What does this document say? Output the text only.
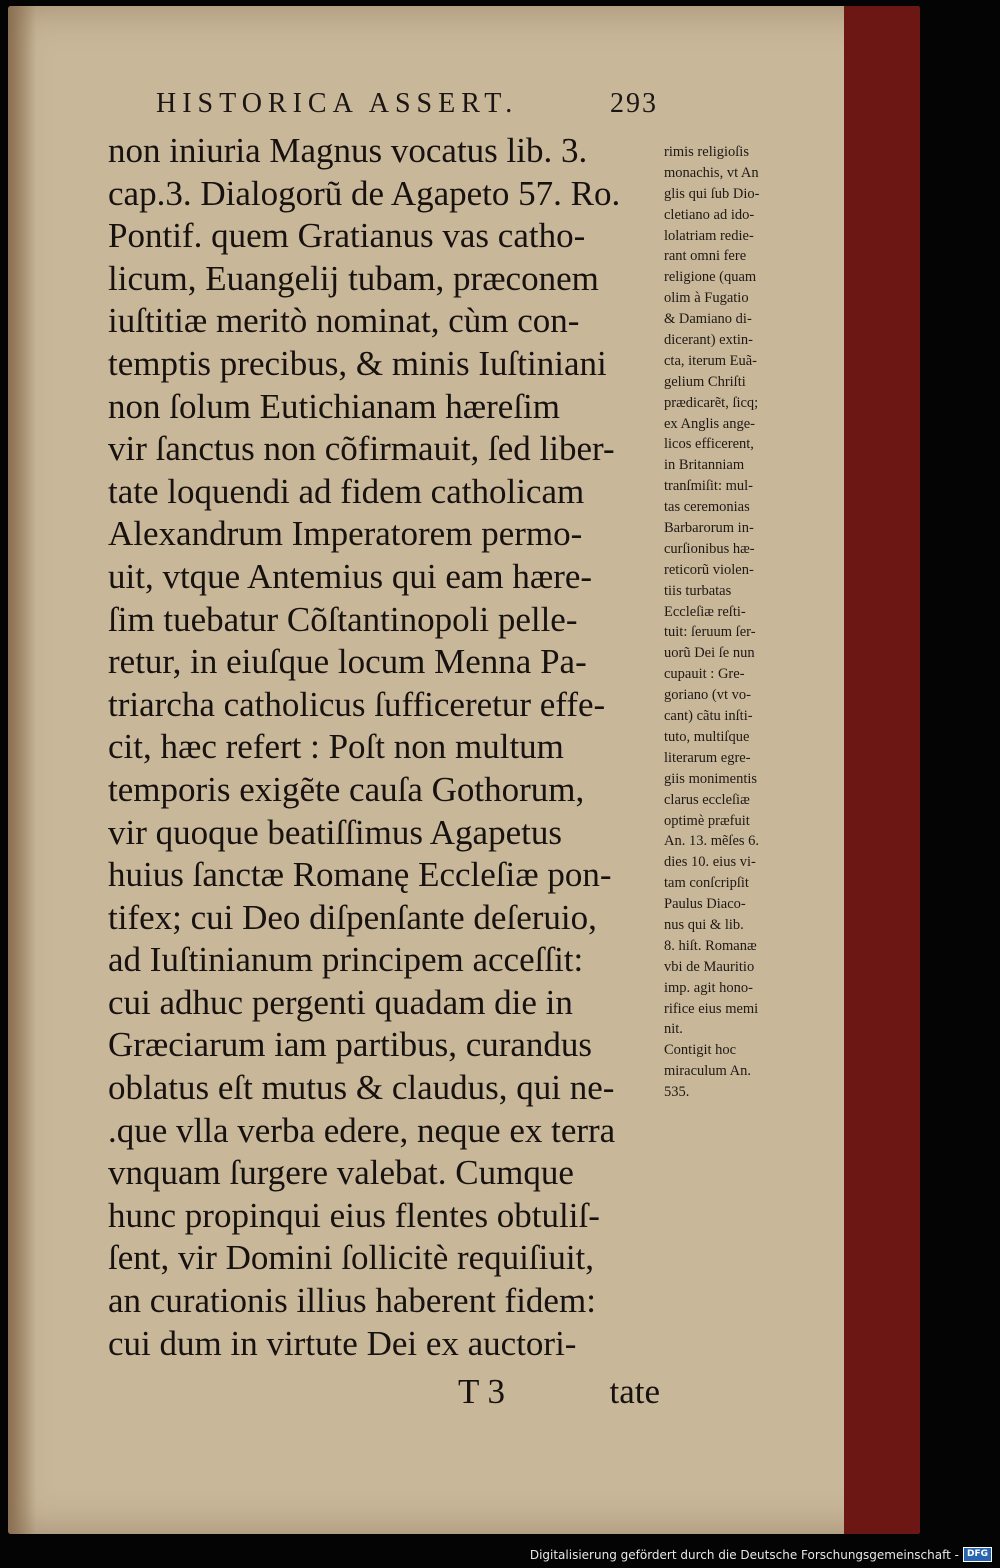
HISTORICA ASSERT.	293
non iniuria Magnus vocatus lib. 3.
cap.3. Dialogorũ de Agapeto 57. Ro.
Pontif. quem Gratianus vas catho-
licum, Euangelij tubam, præconem
iuſtitiæ meritò nominat, cùm con-
temptis precibus, & minis Iuſtiniani
non ſolum Eutichianam hæreſim
vir ſanctus non cõfirmauit, ſed liber-
tate loquendi ad fidem catholicam
Alexandrum Imperatorem permo-
uit, vtque Antemius qui eam hære-
ſim tuebatur Cõſtantinopoli pelle-
retur, in eiuſque locum Menna Pa-
triarcha catholicus ſufficeretur effe-
cit, hæc refert : Poſt non multum
temporis exigẽte cauſa Gothorum,
vir quoque beatiſſimus Agapetus
huius ſanctæ Romanę Eccleſiæ pon-
tifex; cui Deo diſpenſante deſeruio,
ad Iuſtinianum principem acceſſit:
cui adhuc pergenti quadam die in
Græciarum iam partibus, curandus
oblatus eſt mutus & claudus, qui ne-
.que vlla verba edere, neque ex terra
vnquam ſurgere valebat. Cumque
hunc propinqui eius flentes obtuliſ-
ſent, vir Domini ſollicitè requiſiuit,
an curationis illius haberent fidem:
cui dum in virtute Dei ex auctori-
rimis religioſis
monachis, vt An
glis qui ſub Dio-
cletiano ad ido-
lolatriam redie-
rant omni fere
religione (quam
olim à Fugatio
& Damiano di-
dicerant) extin-
cta, iterum Euã-
gelium Chriſti
prædicarẽt, ſicq;
ex Anglis ange-
licos efficerent,
in Britanniam
tranſmiſit: mul-
tas ceremonias
Barbarorum in-
curſionibus hæ-
reticorũ violen-
tiis turbatas
Eccleſiæ reſti-
tuit: ſeruum ſer-
uorũ Dei ſe nun
cupauit : Gre-
goriano (vt vo-
cant) cãtu inſti-
tuto, multiſque
literarum egre-
giis monimentis
clarus eccleſiæ
optimè præfuit
An. 13. mẽſes 6.
dies 10. eius vi-
tam conſcripſit
Paulus Diaco-
nus qui & lib.
8. hiſt. Romanæ
vbi de Mauritio
imp. agit hono-
rifice eius memi
nit.
Contigit hoc
miraculum An.
535.
T 3	tate
Digitalisierung gefördert durch die Deutsche Forschungsgemeinschaft - DFG
